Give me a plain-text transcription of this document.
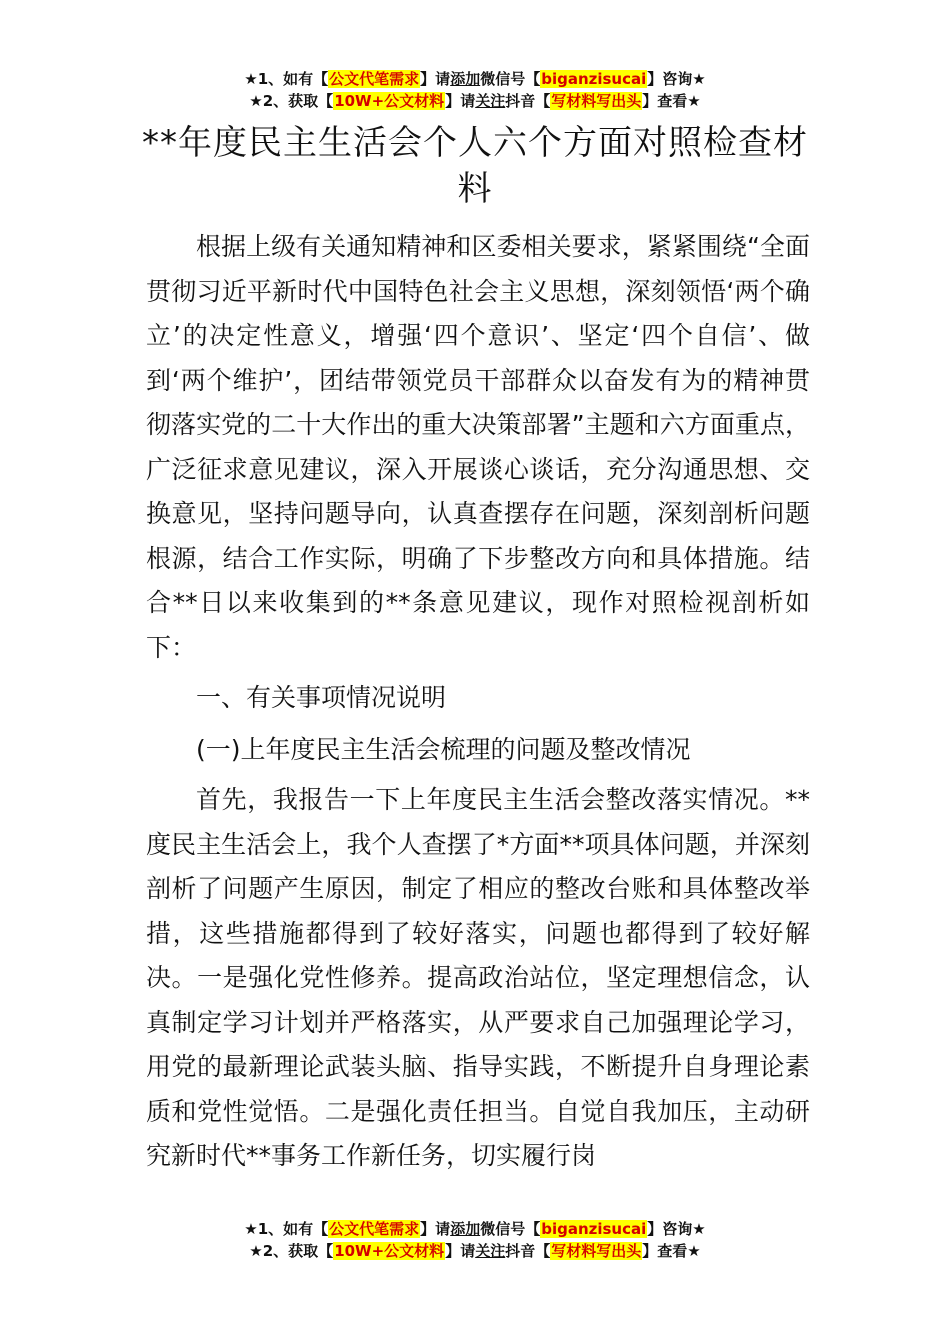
★1、如有【公文代笔需求】请添加微信号【biganzisucai】咨询★
★2、获取【10W+公文材料】请关注抖音【写材料写出头】查看★
**年度民主生活会个人六个方面对照检查材料

根据上级有关通知精神和区委相关要求，紧紧围绕“全面贯彻习近平新时代中国特色社会主义思想，深刻领悟‘两个确立’的决定性意义，增强‘四个意识’、坚定‘四个自信’、做到‘两个维护’，团结带领党员干部群众以奋发有为的精神贯彻落实党的二十大作出的重大决策部署”主题和六方面重点，广泛征求意见建议，深入开展谈心谈话，充分沟通思想、交换意见，坚持问题导向，认真查摆存在问题，深刻剖析问题根源，结合工作实际，明确了下步整改方向和具体措施。结合**日以来收集到的**条意见建议，现作对照检视剖析如下：

一、有关事项情况说明

(一)上年度民主生活会梳理的问题及整改情况

首先，我报告一下上年度民主生活会整改落实情况。**度民主生活会上，我个人查摆了*方面**项具体问题，并深刻剖析了问题产生原因，制定了相应的整改台账和具体整改举措，这些措施都得到了较好落实，问题也都得到了较好解决。一是强化党性修养。提高政治站位，坚定理想信念，认真制定学习计划并严格落实，从严要求自己加强理论学习，用党的最新理论武装头脑、指导实践，不断提升自身理论素质和党性觉悟。二是强化责任担当。自觉自我加压，主动研究新时代**事务工作新任务，切实履行岗

★1、如有【公文代笔需求】请添加微信号【biganzisucai】咨询★
★2、获取【10W+公文材料】请关注抖音【写材料写出头】查看★
